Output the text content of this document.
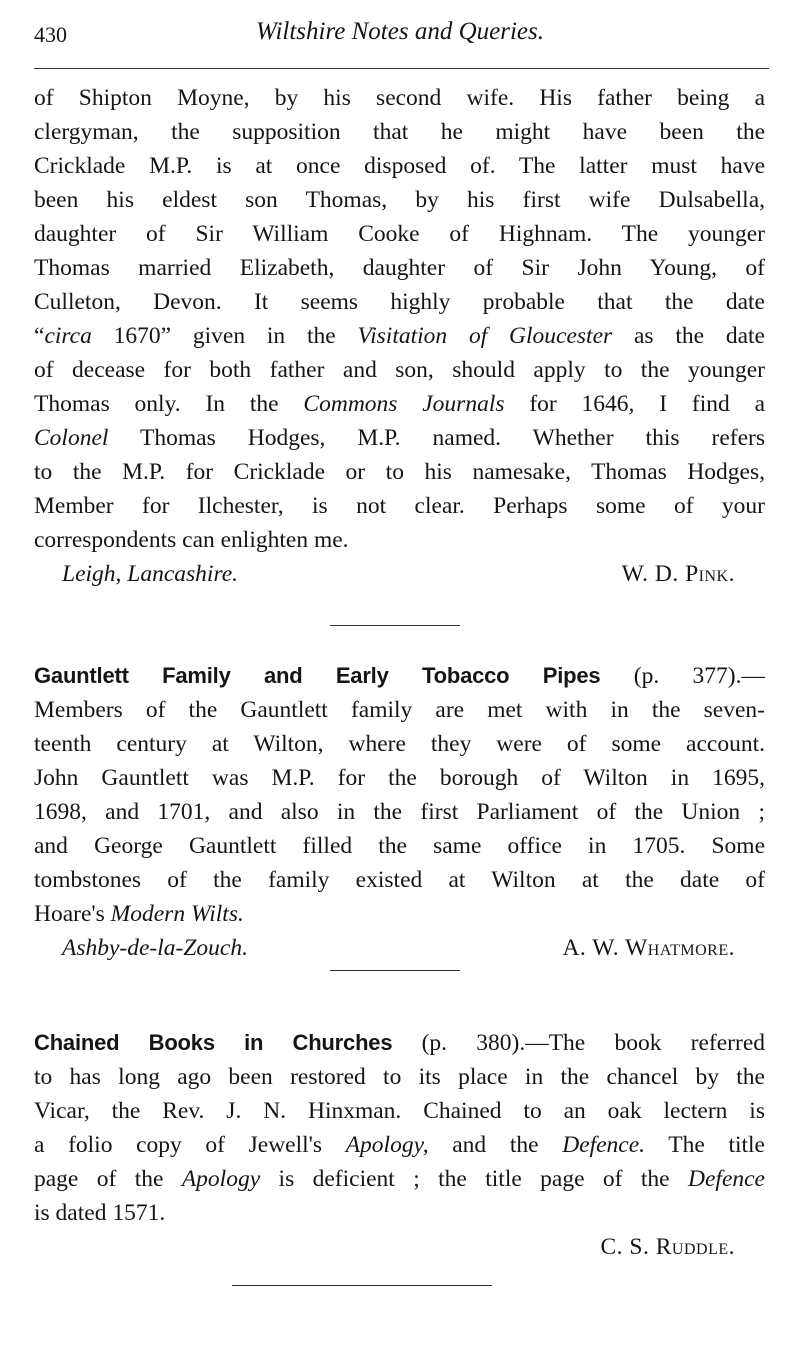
430	Wiltshire Notes and Queries.
of Shipton Moyne, by his second wife. His father being a
clergyman, the supposition that he might have been the
Cricklade M.P. is at once disposed of. The latter must have
been his eldest son Thomas, by his first wife Dulsabella,
daughter of Sir William Cooke of Highnam. The younger
Thomas married Elizabeth, daughter of Sir John Young, of
Culleton, Devon. It seems highly probable that the date
“circa 1670” given in the Visitation of Gloucester as the date
of decease for both father and son, should apply to the younger
Thomas only. In the Commons Journals for 1646, I find a
Colonel Thomas Hodges, M.P. named. Whether this refers
to the M.P. for Cricklade or to his namesake, Thomas Hodges,
Member for Ilchester, is not clear. Perhaps some of your
correspondents can enlighten me.
Leigh, Lancashire.	W. D. Pink.
Gauntlett Family and Early Tobacco Pipes (p. 377).—
Members of the Gauntlett family are met with in the seven-
teenth century at Wilton, where they were of some account.
John Gauntlett was M.P. for the borough of Wilton in 1695,
1698, and 1701, and also in the first Parliament of the Union ;
and George Gauntlett filled the same office in 1705. Some
tombstones of the family existed at Wilton at the date of
Hoare's Modern Wilts.
Ashby-de-la-Zouch.	A. W. Whatmore.
Chained Books in Churches (p. 380).—The book referred
to has long ago been restored to its place in the chancel by the
Vicar, the Rev. J. N. Hinxman. Chained to an oak lectern is
a folio copy of Jewell's Apology, and the Defence. The title
page of the Apology is deficient ; the title page of the Defence
is dated 1571.
C. S. Ruddle.
